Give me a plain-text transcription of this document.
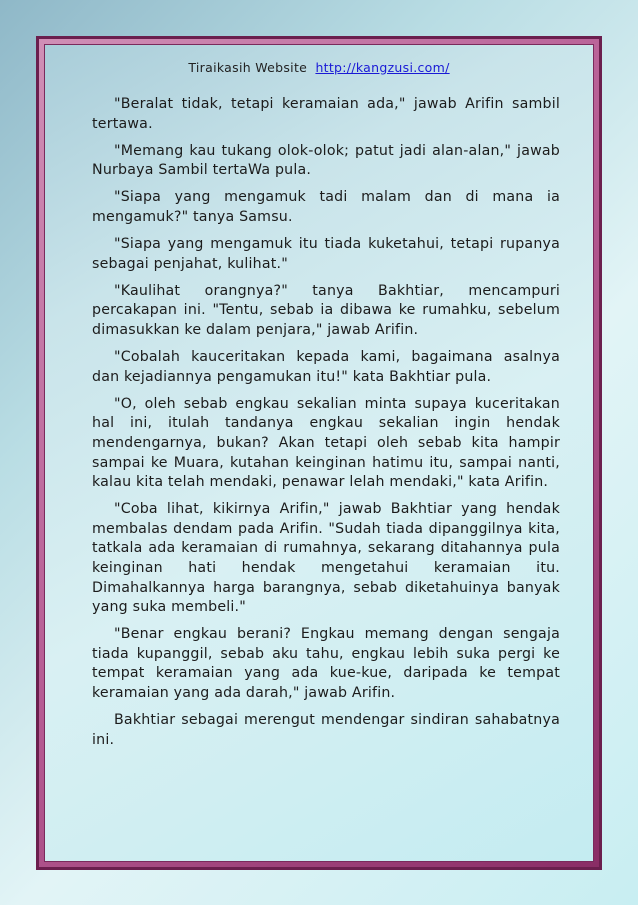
Tiraikasih Website http://kangzusi.com/

"Beralat tidak, tetapi keramaian ada," jawab Arifin sambil tertawa.

"Memang kau tukang olok-olok; patut jadi alan-alan," jawab Nurbaya Sambil tertaWa pula.

"Siapa yang mengamuk tadi malam dan di mana ia mengamuk?" tanya Samsu.

"Siapa yang mengamuk itu tiada kuketahui, tetapi rupanya sebagai penjahat, kulihat."

"Kaulihat orangnya?" tanya Bakhtiar, mencampuri percakapan ini. "Tentu, sebab ia dibawa ke rumahku, sebelum dimasukkan ke dalam penjara," jawab Arifin.

"Cobalah kauceritakan kepada kami, bagaimana asalnya dan kejadiannya pengamukan itu!" kata Bakhtiar pula.

"O, oleh sebab engkau sekalian minta supaya kuceritakan hal ini, itulah tandanya engkau sekalian ingin hendak mendengarnya, bukan? Akan tetapi oleh sebab kita hampir sampai ke Muara, kutahan keinginan hatimu itu, sampai nanti, kalau kita telah mendaki, penawar lelah mendaki," kata Arifin.

"Coba lihat, kikirnya Arifin," jawab Bakhtiar yang hendak membalas dendam pada Arifin. "Sudah tiada dipanggilnya kita, tatkala ada keramaian di rumahnya, sekarang ditahannya pula keinginan hati hendak mengetahui keramaian itu. Dimahalkannya harga barangnya, sebab diketahuinya banyak yang suka membeli."

"Benar engkau berani? Engkau memang dengan sengaja tiada kupanggil, sebab aku tahu, engkau lebih suka pergi ke tempat keramaian yang ada kue-kue, daripada ke tempat keramaian yang ada darah," jawab Arifin.

Bakhtiar sebagai merengut mendengar sindiran sahabatnya ini.
